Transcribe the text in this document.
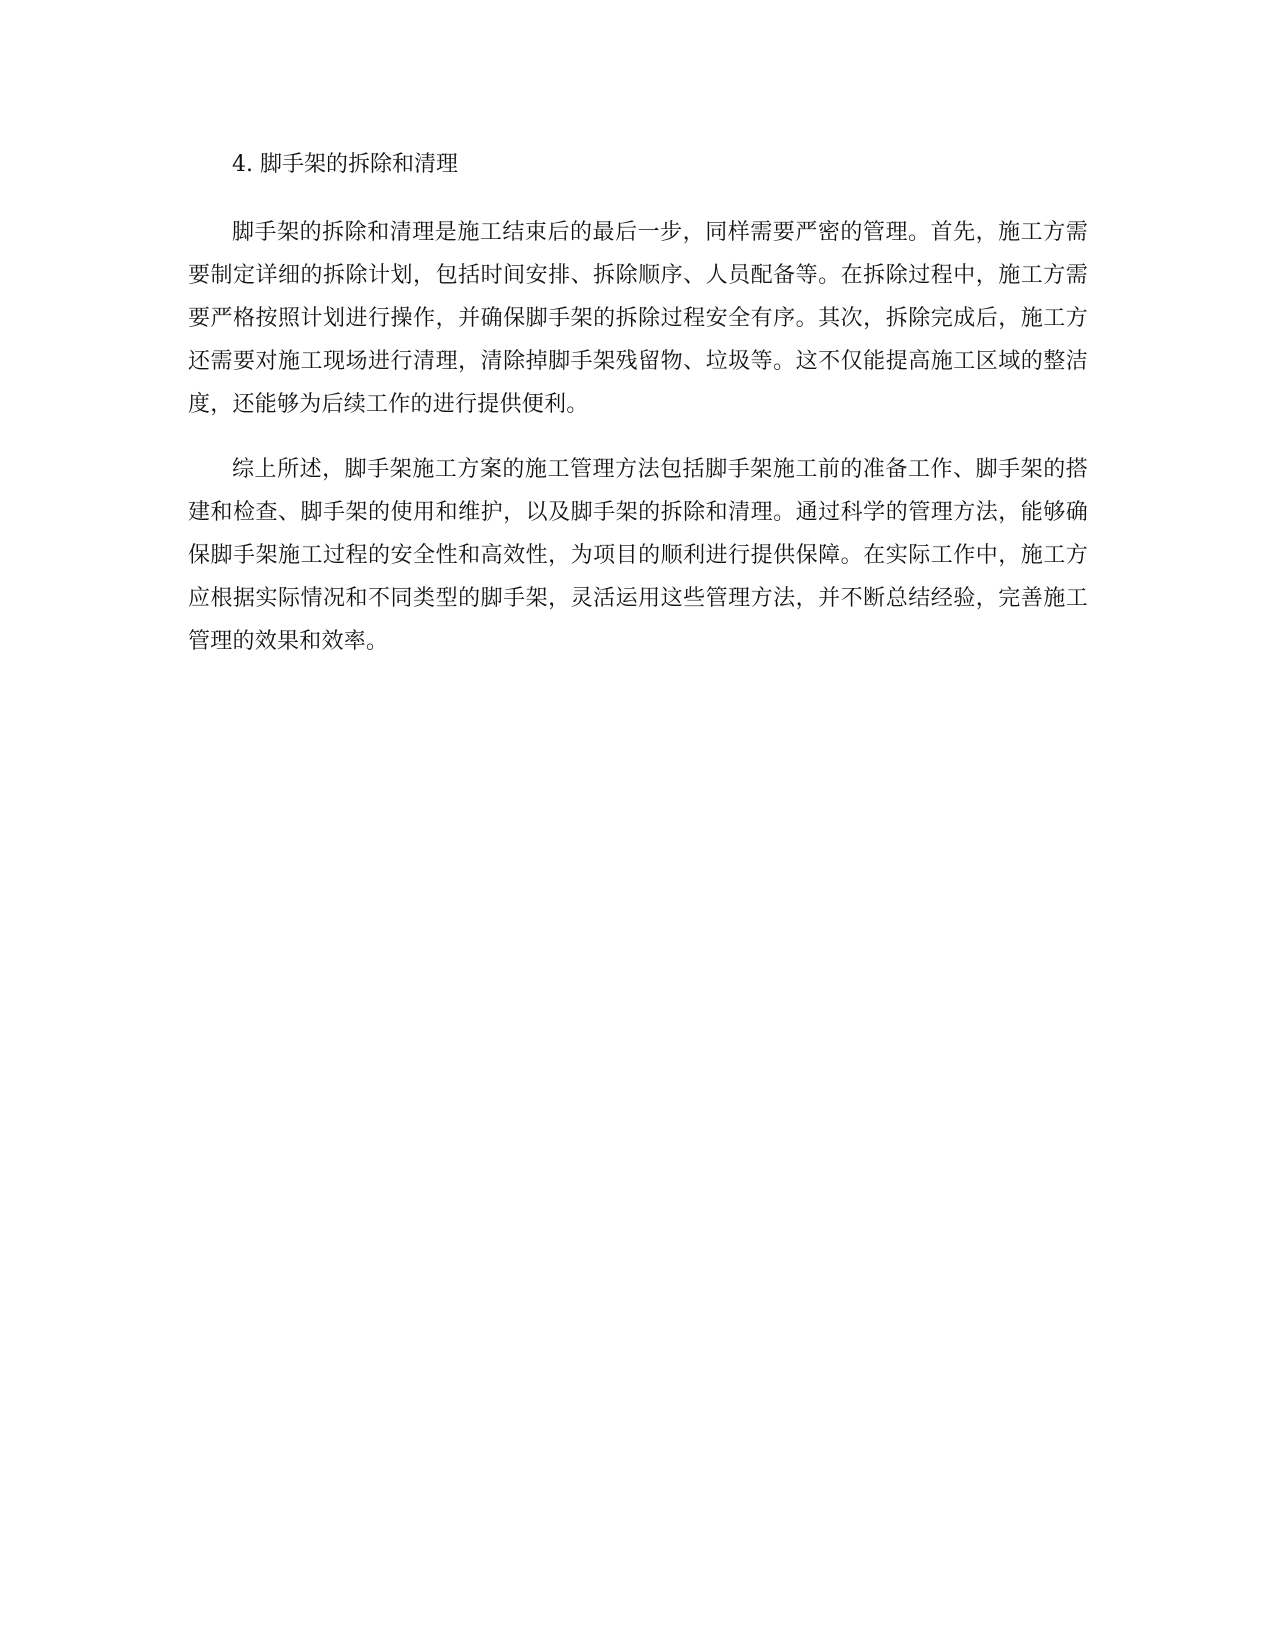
4. 脚手架的拆除和清理

脚手架的拆除和清理是施工结束后的最后一步，同样需要严密的管理。首先，施工方需要制定详细的拆除计划，包括时间安排、拆除顺序、人员配备等。在拆除过程中，施工方需要严格按照计划进行操作，并确保脚手架的拆除过程安全有序。其次，拆除完成后，施工方还需要对施工现场进行清理，清除掉脚手架残留物、垃圾等。这不仅能提高施工区域的整洁度，还能够为后续工作的进行提供便利。

综上所述，脚手架施工方案的施工管理方法包括脚手架施工前的准备工作、脚手架的搭建和检查、脚手架的使用和维护，以及脚手架的拆除和清理。通过科学的管理方法，能够确保脚手架施工过程的安全性和高效性，为项目的顺利进行提供保障。在实际工作中，施工方应根据实际情况和不同类型的脚手架，灵活运用这些管理方法，并不断总结经验，完善施工管理的效果和效率。
